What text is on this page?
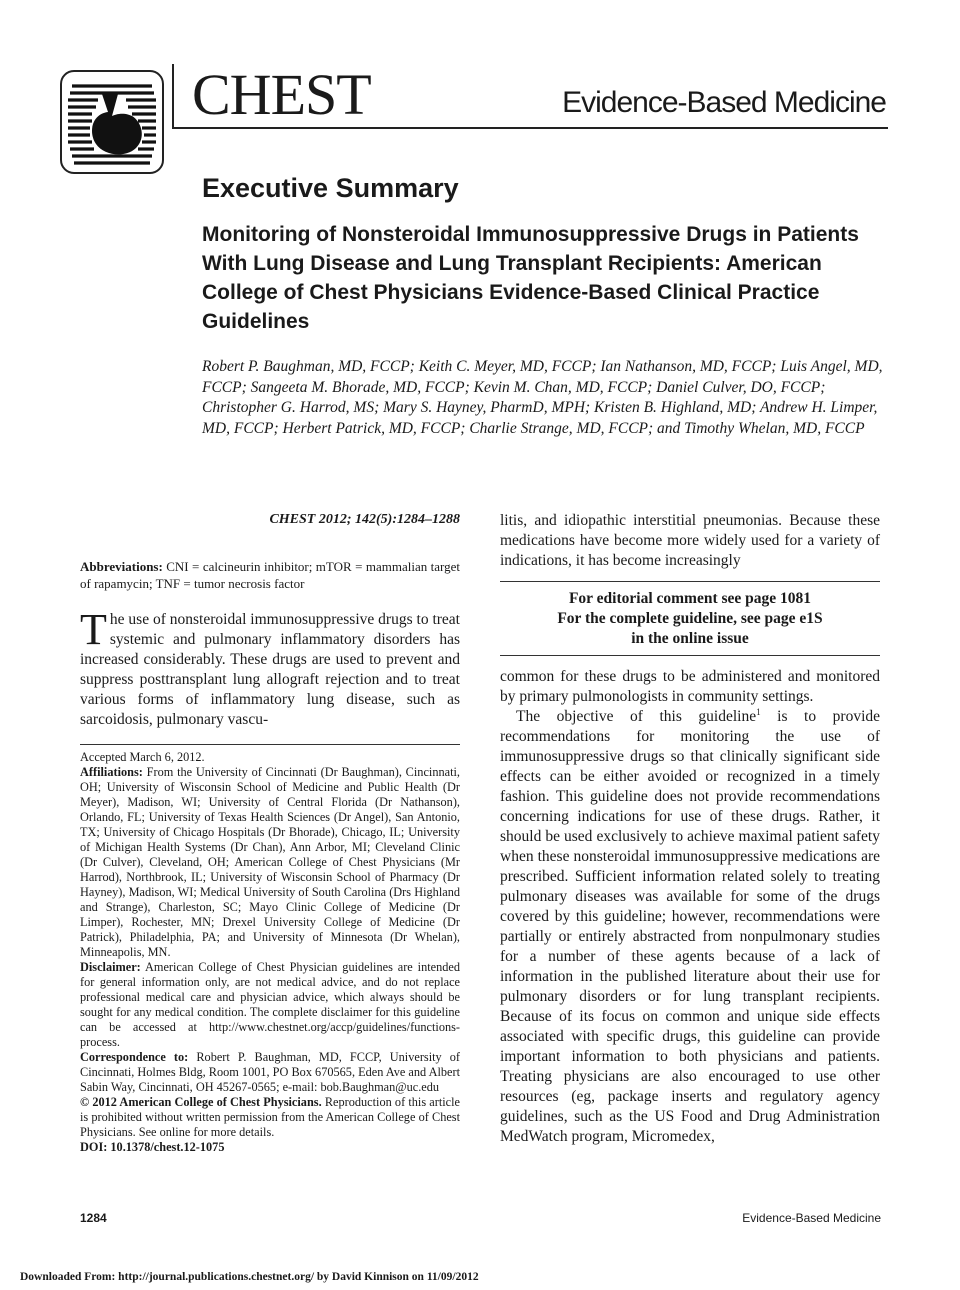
CHEST	Evidence-Based Medicine
Executive Summary
Monitoring of Nonsteroidal Immunosuppressive Drugs in Patients With Lung Disease and Lung Transplant Recipients: American College of Chest Physicians Evidence-Based Clinical Practice Guidelines
Robert P. Baughman, MD, FCCP; Keith C. Meyer, MD, FCCP; Ian Nathanson, MD, FCCP; Luis Angel, MD, FCCP; Sangeeta M. Bhorade, MD, FCCP; Kevin M. Chan, MD, FCCP; Daniel Culver, DO, FCCP; Christopher G. Harrod, MS; Mary S. Hayney, PharmD, MPH; Kristen B. Highland, MD; Andrew H. Limper, MD, FCCP; Herbert Patrick, MD, FCCP; Charlie Strange, MD, FCCP; and Timothy Whelan, MD, FCCP
CHEST 2012; 142(5):1284–1288
Abbreviations: CNI = calcineurin inhibitor; mTOR = mammalian target of rapamycin; TNF = tumor necrosis factor
The use of nonsteroidal immunosuppressive drugs to treat systemic and pulmonary inflammatory disorders has increased considerably. These drugs are used to prevent and suppress posttransplant lung allograft rejection and to treat various forms of inflammatory lung disease, such as sarcoidosis, pulmonary vascu-

Accepted March 6, 2012.

Affiliations: From the University of Cincinnati (Dr Baughman), Cincinnati, OH; University of Wisconsin School of Medicine and Public Health (Dr Meyer), Madison, WI; University of Central Florida (Dr Nathanson), Orlando, FL; University of Texas Health Sciences (Dr Angel), San Antonio, TX; University of Chicago Hospitals (Dr Bhorade), Chicago, IL; University of Michigan Health Systems (Dr Chan), Ann Arbor, MI; Cleveland Clinic (Dr Culver), Cleveland, OH; American College of Chest Physicians (Mr Harrod), Northbrook, IL; University of Wisconsin School of Pharmacy (Dr Hayney), Madison, WI; Medical University of South Carolina (Drs Highland and Strange), Charleston, SC; Mayo Clinic College of Medicine (Dr Limper), Rochester, MN; Drexel University College of Medicine (Dr Patrick), Philadelphia, PA; and University of Minnesota (Dr Whelan), Minneapolis, MN.

Disclaimer: American College of Chest Physician guidelines are intended for general information only, are not medical advice, and do not replace professional medical care and physician advice, which always should be sought for any medical condition. The complete disclaimer for this guideline can be accessed at http://www.chestnet.org/accp/guidelines/functions-process.

Correspondence to: Robert P. Baughman, MD, FCCP, University of Cincinnati, Holmes Bldg, Room 1001, PO Box 670565, Eden Ave and Albert Sabin Way, Cincinnati, OH 45267-0565; e-mail: bob.Baughman@uc.edu

© 2012 American College of Chest Physicians. Reproduction of this article is prohibited without written permission from the American College of Chest Physicians. See online for more details.

DOI: 10.1378/chest.12-1075

litis, and idiopathic interstitial pneumonias. Because these medications have become more widely used for a variety of indications, it has become increasingly
For editorial comment see page 1081
For the complete guideline, see page e1S
in the online issue

common for these drugs to be administered and monitored by primary pulmonologists in community settings.

The objective of this guideline$^1$ is to provide recommendations for monitoring the use of immunosuppressive drugs so that clinically significant side effects can be either avoided or recognized in a timely fashion. This guideline does not provide recommendations concerning indications for use of these drugs. Rather, it should be used exclusively to achieve maximal patient safety when these nonsteroidal immunosuppressive medications are prescribed. Sufficient information related solely to treating pulmonary diseases was available for some of the drugs covered by this guideline; however, recommendations were partially or entirely abstracted from nonpulmonary studies for a number of these agents because of a lack of information in the published literature about their use for pulmonary disorders or for lung transplant recipients. Because of its focus on common and unique side effects associated with specific drugs, this guideline can provide important information to both physicians and patients. Treating physicians are also encouraged to use other resources (eg, package inserts and regulatory agency guidelines, such as the US Food and Drug Administration MedWatch program, Micromedex,

1284	Evidence-Based Medicine
Downloaded From: http://journal.publications.chestnet.org/ by David Kinnison on 11/09/2012
